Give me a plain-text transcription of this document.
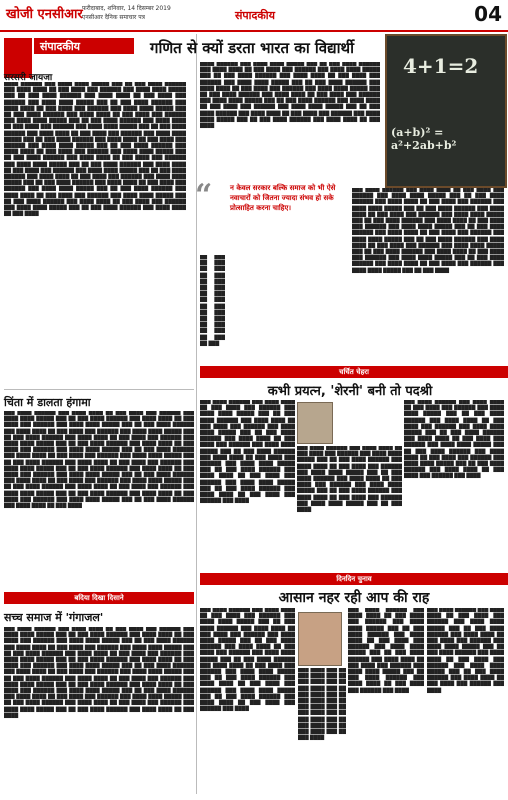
खोजी एनसीआर फरीदाबाद, शनिवार, 14 दिसम्बर 2019
एनसीआर दैनिक समाचार पत्र	संपादकीय	04
संपादकीय
सरसरी जायजा
████ ██████ ███ ████ ████ █████ ███ ██ ███ ████ ██████ ███ ████ ████ ██ ███ ████ ███ ██████ ███ ████ ████ █████ ███ ██ ███ ████ ██████ ███ ████ ████ ██ ███ ████ ███ ██████ ███ ████ ████ █████ ███ ██ ███ ████ ██████ ███ ████ ████ ██ ███ ████ ███ ██████ ███ ████ ████ █████ ███ ██ ███ ████ ██████ ███ ████ ████ ██ ███ ████ ███ ██████ ███ ████ ████ █████ ███ ██ ███ ████ ██████ ███ ████ ████ ██ ███ ████ ███ ██████ ███ ████ ████ █████ ███ ██ ███ ████ ██████ ███ ████ ████ ██ ███ ████ ███ ██████ ███ ████ ████ █████ ███ ██ ███ ████ ██████ ███ ████ ████ ██ ███ ████ ███ ██████ ███ ████ ████ █████ ███ ██ ███ ████ ██████ ███ ████ ████ ██ ███ ████ ███ ██████ ███ ████ ████ █████ ███ ██ ███ ████ ██████ ███ ████ ████ ██ ███ ████ ███ ██████ ███ ████ ████ █████ ███ ██ ███ ████ ██████ ███ ████ ████ ██ ███ ████ ███ ██████ ███ ████ ████ █████ ███ ██ ███ ████ ██████ ███ ████ ████ ██ ███ ████ ███ ██████ ███ ████ ████ █████ ███ ██ ███ ████ ██████ ███ ████ ████ ██ ███ ████ ███ ██████ ███ ████ ████ █████ ███ ██ ███ ████ ██████ ███ ████ ████ ██ ███ ████ ███ ██████ ███ ████ ████ █████ ███ ██ ███ ████ ██████ ███ ████ ████ ██ ███ ████ ███ ██████ ███ ████ ████ █████ ███ ██ ███ ████ ██████ ███ ████ ████ ██ ███ ████
चिंता में डालता हंगामा
███ ████ ██████ ███ ████ ████ ██ ███ ████ ███ ██████ ███ ████ ████ █████ ███ ██ ███ ████ ██████ ███ ████ ████ ██ ███ ████ ███ ██████ ███ ████ ████ █████ ███ ██ ███ ████ ██████ ███ ████ ████ ██ ███ ████ ███ ██████ ███ ████ ████ █████ ███ ██ ███ ████ ██████ ███ ████ ████ ██ ███ ████ ███ ██████ ███ ████ ████ █████ ███ ██ ███ ████ ██████ ███ ████ ████ ██ ███ ████ ███ ██████ ███ ████ ████ █████ ███ ██ ███ ████ ██████ ███ ████ ████ ██ ███ ████ ███ ██████ ███ ████ ████ █████ ███ ██ ███ ████ ██████ ███ ████ ████ ██ ███ ████ ███ ██████ ███ ████ ████ █████ ███ ██ ███ ████ ██████ ███ ████ ████ ██ ███ ████ ███ ██████ ███ ████ ████ █████ ███ ██ ███ ████ ██████ ███ ████ ████ ██ ███ ████ ███ ██████ ███ ████ ████ █████ ███ ██ ███ ████ ██████ ███ ████ ████ ██ ███ ████ ███ ██████ ███ ████ ████ █████ ███ ██ ███ ████ ██████ ███ ████ ████ ██ ███ ████ ███ ██████ ███ ████ ████ █████ ███ ██ ███ ████ ██████ ███ ████ ████ ██ ███ ████
बदिया दिखा दिसाने
सच्च समाज में 'गंगाजल'
███ ████ ██████ ███ ████ ████ ██ ███ ████ ███ ██████ ███ ████ ████ █████ ███ ██ ███ ████ ██████ ███ ████ ████ ██ ███ ████ ███ ██████ ███ ████ ████ █████ ███ ██ ███ ████ ██████ ███ ████ ████ ██ ███ ████ ███ ██████ ███ ████ ████ █████ ███ ██ ███ ████ ██████ ███ ████ ████ ██ ███ ████ ███ ██████ ███ ████ ████ █████ ███ ██ ███ ████ ██████ ███ ████ ████ ██ ███ ████ ███ ██████ ███ ████ ████ █████ ███ ██ ███ ████ ██████ ███ ████ ████ ██ ███ ████ ███ ██████ ███ ████ ████ █████ ███ ██ ███ ████ ██████ ███ ████ ████ ██ ███ ████ ███ ██████ ███ ████ ████ █████ ███ ██ ███ ████ ██████ ███ ████ ████ ██ ███ ████ ███ ██████ ███ ████ ████ █████ ███ ██ ███ ████ ██████ ███ ████ ████ ██ ███ ████ ███ ██████ ███ ████ ████ █████ ███ ██ ███ ████ ██████ ███ ████ ████ ██ ███ ████ ███ ██████ ███ ████ ████ █████ ███ ██ ███ ████ ██████ ███ ████ ████ ██ ███ ████
गणित से क्यों डरता भारत का विद्यार्थी
4+1=2
(a+b)² = a²+2ab+b²
████ ██████ ███ ████ ████ █████ ███ ██ ███ ████ ██████ ███ ████ ████ ██ ███ ████ ███ ██████ ███ ████ ████ █████ ███ ██ ███ ████ ██████ ███ ████ ████ ██ ███ ████ ███ ██████ ███ ████ ████ █████ ███ ██ ███ ████ ██████ ███ ████ ████ ██ ███ ████ ███ ██████ ███ ████ ████ █████ ███ ██ ███ ████ ██████ ███ ████ ████ ██ ███ ████ ███ ██████ ███ ████ ████ █████ ███ ██ ███ ████ ██████ ███ ████ ████ ██ ███ ████ ███ ██████ ███ ████ ████ █████ ███ ██ ███ ████ ██████ ███ ████ ████ ██ ███ ████ ███ ██████ ███ ████ ████ █████ ███ ██ ███ ████ ██████ ███ ████ ████ ██ ███ ████
“	न केवल सरकार बल्कि समाज को भी ऐसे नवाचारों को जितना ज्यादा संभव हो सके प्रोत्साहित करना चाहिए।
██ ███ ██ ███ ██ ███ ██ ███ ██ ███ ██ ███ ██ ███ ██ ███ ██ ███ ██ ███ ██ ███ ██ ███ ██ ███ ██ ███ ██ ███
███ ████ ██████ ███ ████ ████ ██ ███ ████ ███ ██████ ███ ████ ████ █████ ███ ██ ███ ████ ██████ ███ ████ ████ ██ ███ ████ ███ ██████ ███ ████ ████ █████ ███ ██ ███ ████ ██████ ███ ████ ████ ██ ███ ████ ███ ██████ ███ ████ ████ █████ ███ ██ ███ ████ ██████ ███ ████ ████ ██ ███ ████ ███ ██████ ███ ████ ████ █████ ███ ██ ███ ████ ██████ ███ ████ ████ ██ ███ ████ ███ ██████ ███ ████ ████ █████ ███ ██ ███ ████ ██████ ███ ████ ████ ██ ███ ████ ███ ██████ ███ ████ ████ █████ ███ ██ ███ ████ ██████ ███ ████ ████ ██ ███ ████ ███ ██████ ███ ████ ████ █████ ███ ██ ███ ████ ██████ ███ ████ ████ ██ ███ ████ ███ ██████ ███ ████ ████ █████ ███ ██ ███ ████
चर्चित चेहरा
कभी प्रयत्न, 'शेरनी' बनी तो पदश्री
███ ████ ██████ ███ ████ ████ ██ ███ ████ ███ ██████ ███ ████ ████ █████ ███ ██ ███ ████ ██████ ███ ████ ████ ██ ███ ████ ███ ██████ ███ ████ ████ █████ ███ ██ ███ ████ ██████ ███ ████ ████ ██ ███ ████ ███ ██████ ███ ████ ████ █████ ███ ██ ███ ████ ██████ ███ ████ ████ ██ ███ ████ ███ ██████ ███ ████ ████ █████ ███ ██ ███ ████ ██████ ███ ████ ████ ██ ███ ████ ███ ██████ ███ ████ ████ █████ ███ ██ ███ ████ ██████ ███ ████ ████ ██ ███ ████ ███ ██████ ███ ████
███ ████ ██████ ███ ████ ████ ██ ███ ████ ███ ██████ ███ ████ ████ █████ ███ ██ ███ ████ ██████ ███ ████ ████ ██ ███ ████ ███ ██████ ███ ████ ████ █████ ███ ██ ███ ████ ██████ ███ ████ ████ ██ ███ ████ ███ ██████ ███ ████ ████ █████ ███ ██ ███ ████ ██████ ███ ████ ████ ██ ███ ████ ███ ██████ ███ ████ ████ █████ ███ ██ ███ ████
███ ████ ██████ ███ ████ ████ ██ ███ ████ ███ ██████ ███ ████ ████ █████ ███ ██ ███ ████ ██████ ███ ████ ████ ██ ███ ████ ███ ██████ ███ ████ ████ █████ ███ ██ ███ ████ ██████ ███ ████ ████ ██ ███ ████ ███ ██████ ███ ████ ████ █████ ███ ██ ███ ████ ██████ ███ ████ ████ ██ ███ ████ ███ ██████ ███ ████ ████ █████ ███ ██ ███ ████ ██████ ███ ████ ████ ██ ███ ████ ███ ██████ ███ ████
दिनदिन चुनाव
आसान नहर रही आप की राह
███ ████ ██████ ███ ████ ████ ██ ███ ████ ███ ██████ ███ ████ ████ █████ ███ ██ ███ ████ ██████ ███ ████ ████ ██ ███ ████ ███ ██████ ███ ████ ████ █████ ███ ██ ███ ████ ██████ ███ ████ ████ ██ ███ ████ ███ ██████ ███ ████ ████ █████ ███ ██ ███ ████ ██████ ███ ████ ████ ██ ███ ████ ███ ██████ ███ ████ ████ █████ ███ ██ ███ ████ ██████ ███ ████ ████ ██ ███ ████ ███ ██████ ███ ████ ████ █████ ███ ██ ███ ████ ██████ ███ ████ ████ ██ ███ ████ ███ ██████ ███ ████
███ ████ ███ ██ ███ ████ ███ ██ ███ ████ ███ ██ ███ ████ ███ ██ ███ ████ ███ ██ ███ ████ ███ ██ ███ ████ ███ ██ ███ ████ ███ ██ ███ ████ ███ ██ ███ ████ ███ ██ ███ ████ ███ ██ ███ ████
███ ████ ██████ ███ ████ ████ ██ ███ ████ ███ ██████ ███ ████ ████ █████ ███ ██ ███ ████ ██████ ███ ████ ████ ██ ███ ████ ███ ██████ ███ ████ ████ █████ ███ ██ ███ ████ ██████ ███ ████ ████ ██ ███ ████ ███ ██████ ███ ████ ████ █████ ███ ██ ███ ████ ██████ ███ ████ ████ ██ ███ ████ ███ ██████ ███ ████
███ ████ ██████ ███ ████ ████ ██ ███ ████ ███ ██████ ███ ████ ████ █████ ███ ██ ███ ████ ██████ ███ ████ ████ ██ ███ ████ ███ ██████ ███ ████ ████ █████ ███ ██ ███ ████ ██████ ███ ████ ████ ██ ███ ████ ███ ██████ ███ ████ ████ █████ ███ ██ ███ ████ ██████ ███ ████ ████ ██ ███ ████ ███ ██████ ███ ████
